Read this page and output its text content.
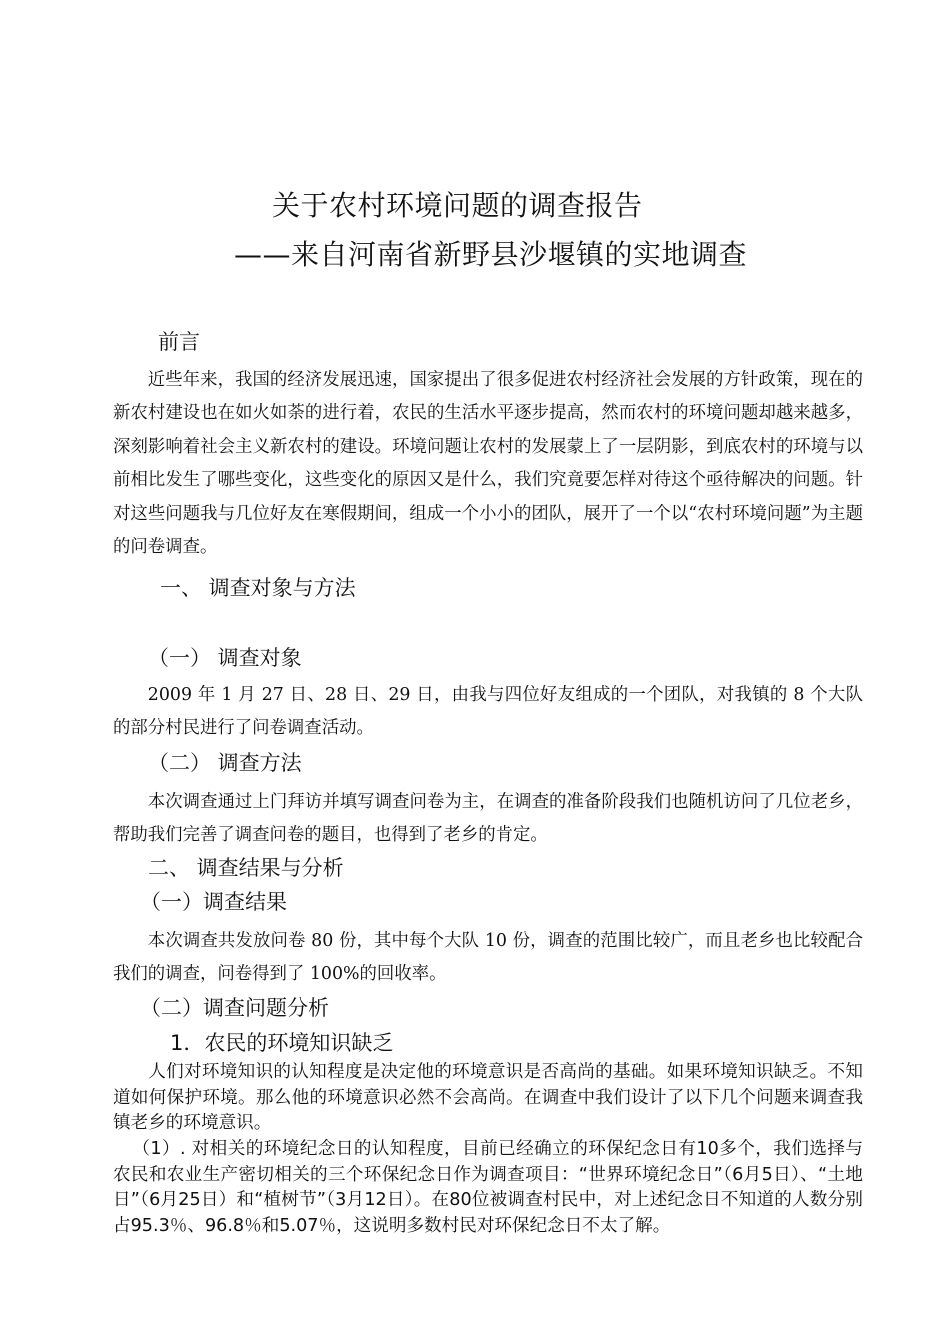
关于农村环境问题的调查报告
——来自河南省新野县沙堰镇的实地调查
前言
近些年来，我国的经济发展迅速，国家提出了很多促进农村经济社会发展的方针政策，现在的新农村建设也在如火如荼的进行着，农民的生活水平逐步提高，然而农村的环境问题却越来越多，深刻影响着社会主义新农村的建设。环境问题让农村的发展蒙上了一层阴影，到底农村的环境与以前相比发生了哪些变化，这些变化的原因又是什么，我们究竟要怎样对待这个亟待解决的问题。针对这些问题我与几位好友在寒假期间，组成一个小小的团队，展开了一个以“农村环境问题”为主题的问卷调查。
一、 调查对象与方法
（一） 调查对象
2009 年 1 月 27 日、28 日、29 日，由我与四位好友组成的一个团队，对我镇的 8 个大队的部分村民进行了问卷调查活动。
（二） 调查方法
本次调查通过上门拜访并填写调查问卷为主，在调查的准备阶段我们也随机访问了几位老乡，帮助我们完善了调查问卷的题目，也得到了老乡的肯定。
二、 调查结果与分析
（一）调查结果
本次调查共发放问卷 80 份，其中每个大队 10 份，调查的范围比较广，而且老乡也比较配合我们的调查，问卷得到了 100%的回收率。
（二）调查问题分析
1．农民的环境知识缺乏
人们对环境知识的认知程度是决定他的环境意识是否高尚的基础。如果环境知识缺乏。不知道如何保护环境。那么他的环境意识必然不会高尚。在调查中我们设计了以下几个问题来调查我镇老乡的环境意识。
（1）. 对相关的环境纪念日的认知程度，目前已经确立的环保纪念日有10多个，我们选择与农民和农业生产密切相关的三个环保纪念日作为调查项目：“世界环境纪念日”（6月5日）、“土地日”（6月25日）和“植树节”（3月12日）。在80位被调查村民中，对上述纪念日不知道的人数分别占95.3％、96.8％和5.07％，这说明多数村民对环保纪念日不太了解。
